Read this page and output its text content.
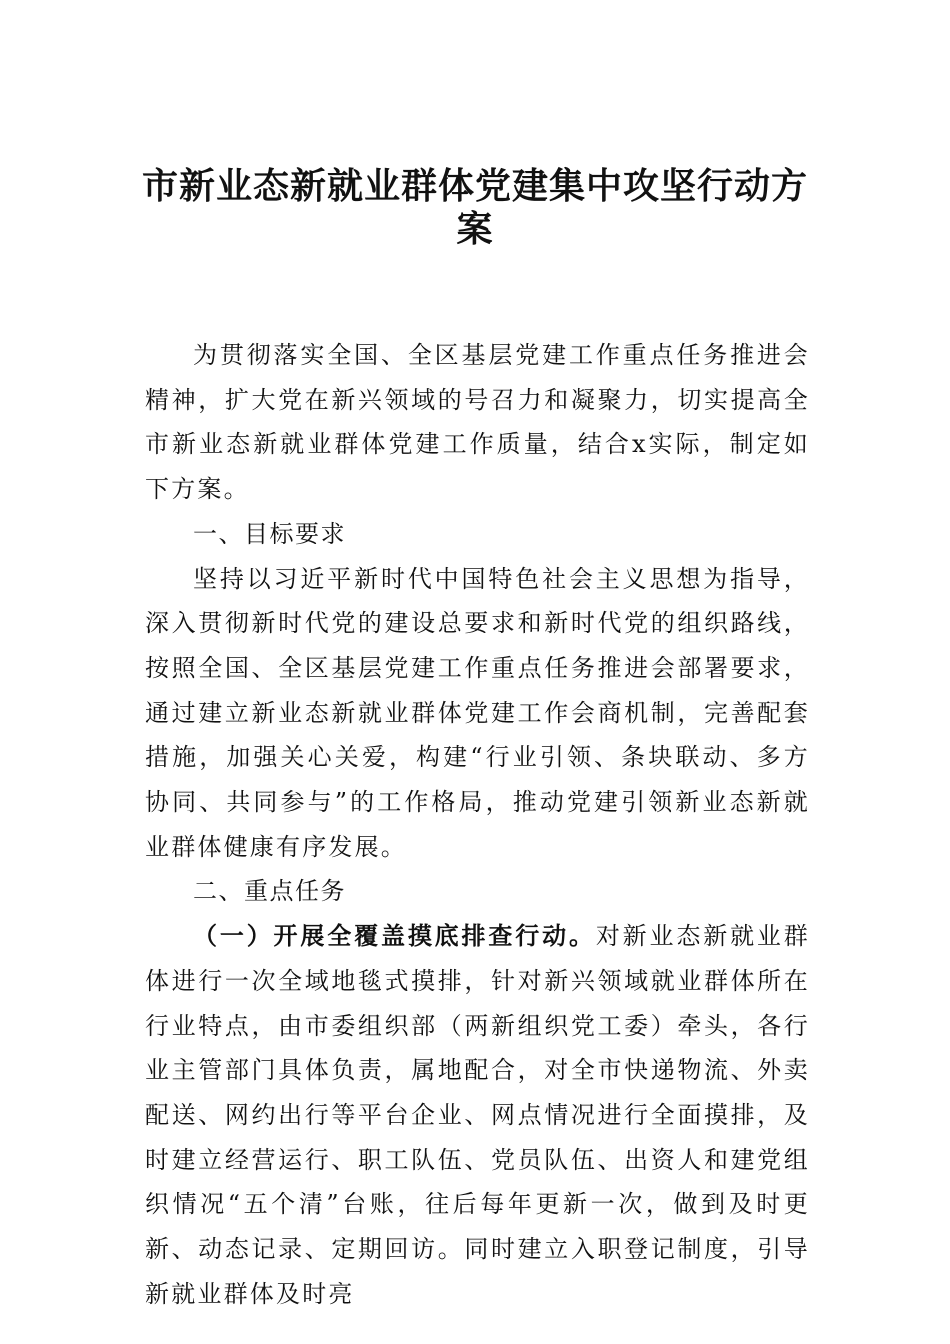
市新业态新就业群体党建集中攻坚行动方
案

为贯彻落实全国、全区基层党建工作重点任务推进会精神，扩大党在新兴领域的号召力和凝聚力，切实提高全市新业态新就业群体党建工作质量，结合x实际，制定如下方案。

一、目标要求

坚持以习近平新时代中国特色社会主义思想为指导，深入贯彻新时代党的建设总要求和新时代党的组织路线，按照全国、全区基层党建工作重点任务推进会部署要求，通过建立新业态新就业群体党建工作会商机制，完善配套措施，加强关心关爱，构建“行业引领、条块联动、多方协同、共同参与”的工作格局，推动党建引领新业态新就业群体健康有序发展。

二、重点任务

（一）开展全覆盖摸底排查行动。对新业态新就业群体进行一次全域地毯式摸排，针对新兴领域就业群体所在行业特点，由市委组织部（两新组织党工委）牵头，各行业主管部门具体负责，属地配合，对全市快递物流、外卖配送、网约出行等平台企业、网点情况进行全面摸排，及时建立经营运行、职工队伍、党员队伍、出资人和建党组织情况“五个清”台账，往后每年更新一次，做到及时更新、动态记录、定期回访。同时建立入职登记制度，引导新就业群体及时亮
